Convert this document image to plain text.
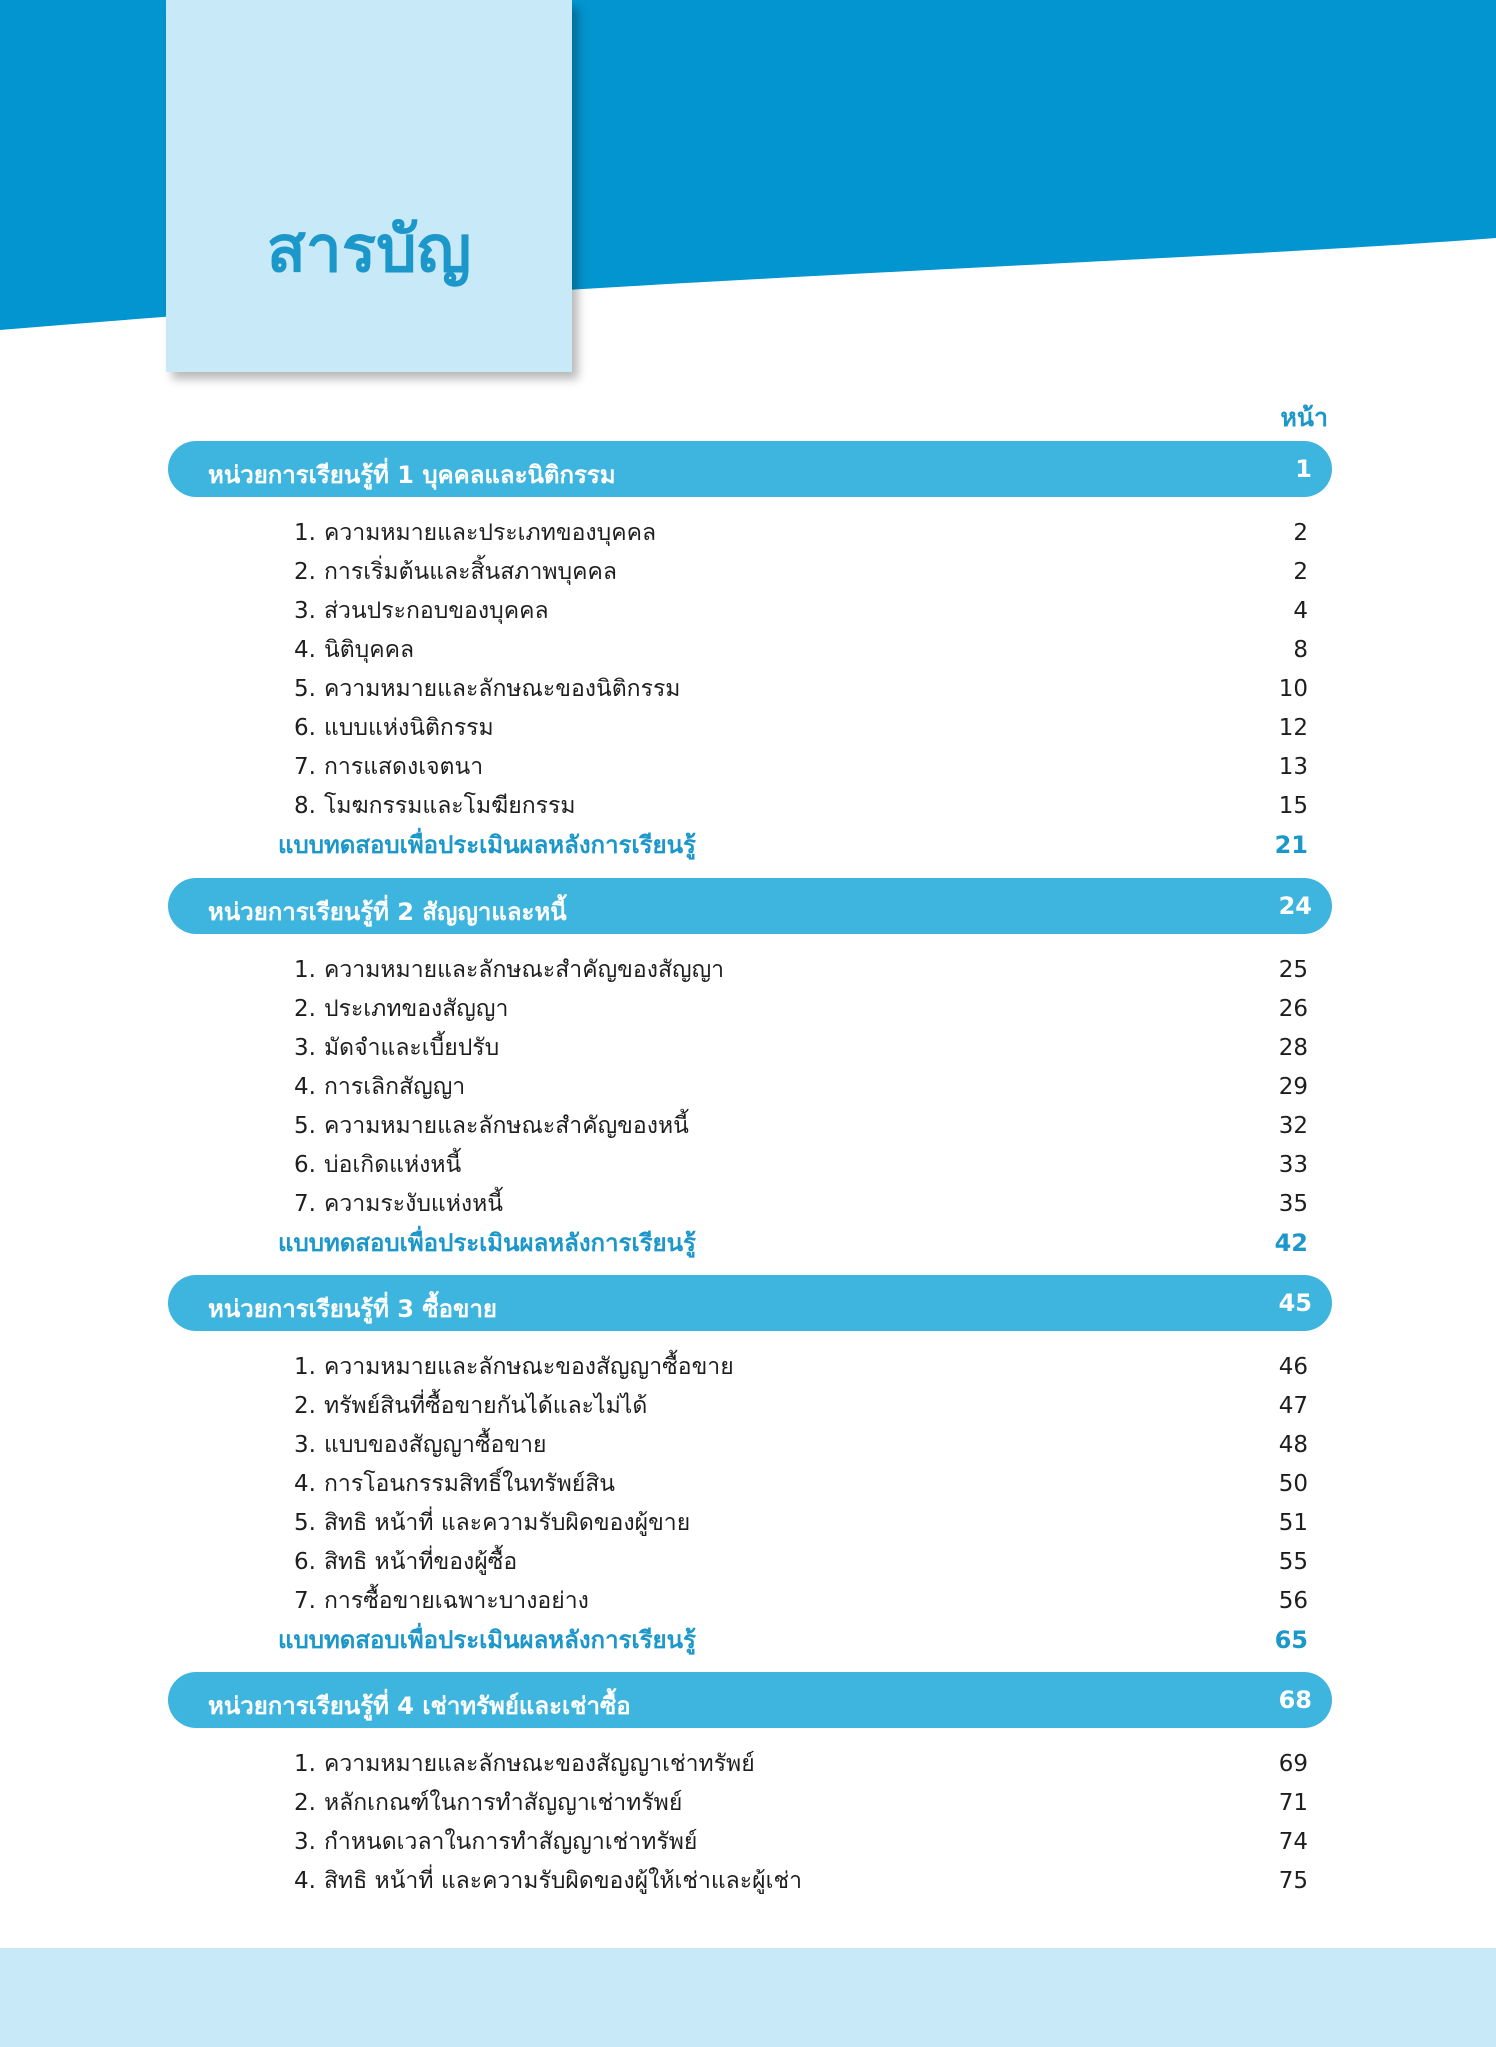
สารบัญ
หน้า
หน่วยการเรียนรู้ที่ 1 บุคคลและนิติกรรม	1
1. ความหมายและประเภทของบุคคล	2
2. การเริ่มต้นและสิ้นสภาพบุคคล	2
3. ส่วนประกอบของบุคคล	4
4. นิติบุคคล	8
5. ความหมายและลักษณะของนิติกรรม	10
6. แบบแห่งนิติกรรม	12
7. การแสดงเจตนา	13
8. โมฆกรรมและโมฆียกรรม	15
แบบทดสอบเพื่อประเมินผลหลังการเรียนรู้	21
หน่วยการเรียนรู้ที่ 2 สัญญาและหนี้	24
1. ความหมายและลักษณะสำคัญของสัญญา	25
2. ประเภทของสัญญา	26
3. มัดจำและเบี้ยปรับ	28
4. การเลิกสัญญา	29
5. ความหมายและลักษณะสำคัญของหนี้	32
6. บ่อเกิดแห่งหนี้	33
7. ความระงับแห่งหนี้	35
แบบทดสอบเพื่อประเมินผลหลังการเรียนรู้	42
หน่วยการเรียนรู้ที่ 3 ซื้อขาย	45
1. ความหมายและลักษณะของสัญญาซื้อขาย	46
2. ทรัพย์สินที่ซื้อขายกันได้และไม่ได้	47
3. แบบของสัญญาซื้อขาย	48
4. การโอนกรรมสิทธิ์ในทรัพย์สิน	50
5. สิทธิ หน้าที่ และความรับผิดของผู้ขาย	51
6. สิทธิ หน้าที่ของผู้ซื้อ	55
7. การซื้อขายเฉพาะบางอย่าง	56
แบบทดสอบเพื่อประเมินผลหลังการเรียนรู้	65
หน่วยการเรียนรู้ที่ 4 เช่าทรัพย์และเช่าซื้อ	68
1. ความหมายและลักษณะของสัญญาเช่าทรัพย์	69
2. หลักเกณฑ์ในการทำสัญญาเช่าทรัพย์	71
3. กำหนดเวลาในการทำสัญญาเช่าทรัพย์	74
4. สิทธิ หน้าที่ และความรับผิดของผู้ให้เช่าและผู้เช่า	75
